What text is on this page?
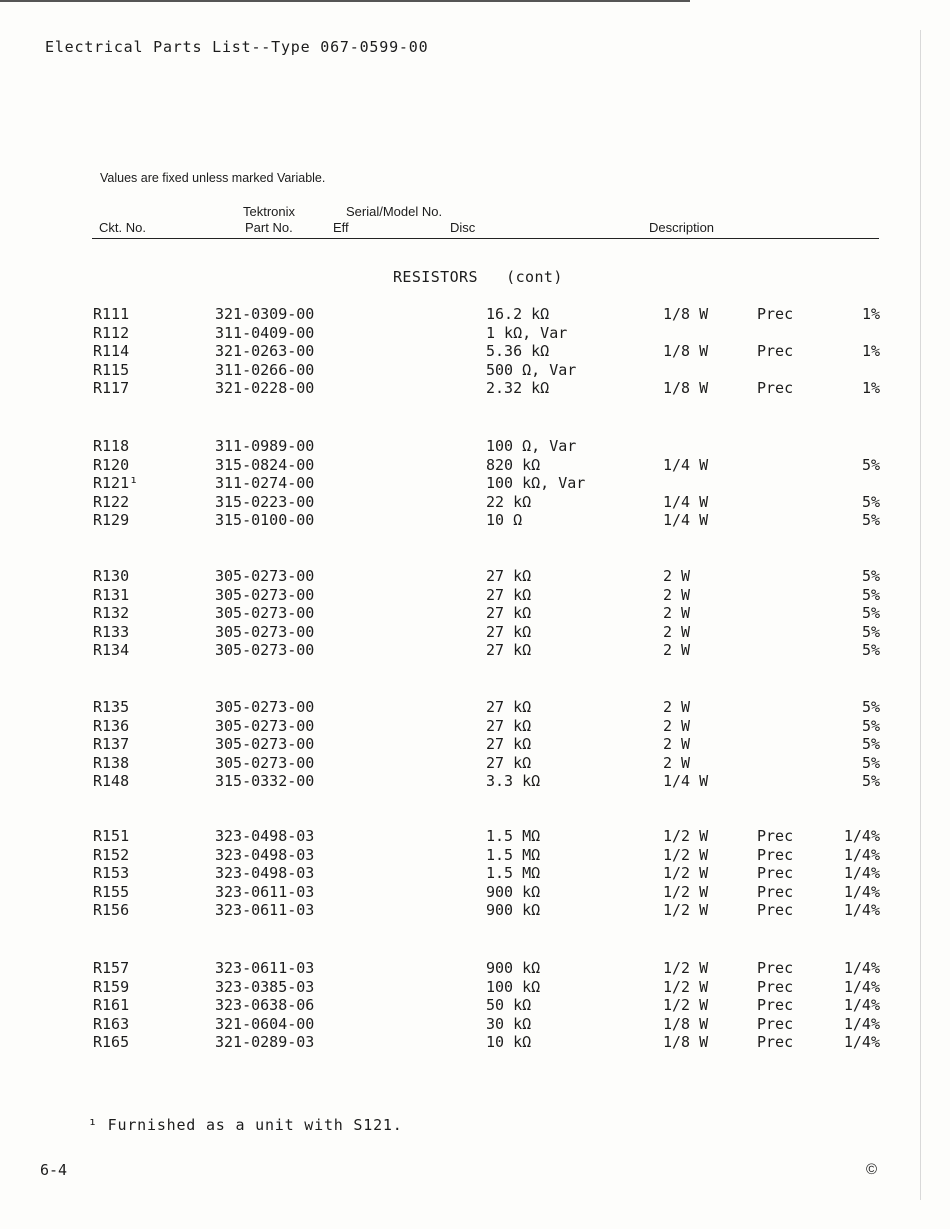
Electrical Parts List--Type 067-0599-00
Values are fixed unless marked Variable.
Tektronix	Serial/Model No.
Ckt. No.	Part No.	Eff	Disc	Description
RESISTORS   (cont)
R111	321-0309-00	16.2 kΩ	1/8 W	Prec	1%
R112	311-0409-00	1 kΩ, Var
R114	321-0263-00	5.36 kΩ	1/8 W	Prec	1%
R115	311-0266-00	500 Ω, Var
R117	321-0228-00	2.32 kΩ	1/8 W	Prec	1%
R118	311-0989-00	100 Ω, Var
R120	315-0824-00	820 kΩ	1/4 W	5%
R121¹	311-0274-00	100 kΩ, Var
R122	315-0223-00	22 kΩ	1/4 W	5%
R129	315-0100-00	10 Ω	1/4 W	5%
R130	305-0273-00	27 kΩ	2 W	5%
R131	305-0273-00	27 kΩ	2 W	5%
R132	305-0273-00	27 kΩ	2 W	5%
R133	305-0273-00	27 kΩ	2 W	5%
R134	305-0273-00	27 kΩ	2 W	5%
R135	305-0273-00	27 kΩ	2 W	5%
R136	305-0273-00	27 kΩ	2 W	5%
R137	305-0273-00	27 kΩ	2 W	5%
R138	305-0273-00	27 kΩ	2 W	5%
R148	315-0332-00	3.3 kΩ	1/4 W	5%
R151	323-0498-03	1.5 MΩ	1/2 W	Prec	1/4%
R152	323-0498-03	1.5 MΩ	1/2 W	Prec	1/4%
R153	323-0498-03	1.5 MΩ	1/2 W	Prec	1/4%
R155	323-0611-03	900 kΩ	1/2 W	Prec	1/4%
R156	323-0611-03	900 kΩ	1/2 W	Prec	1/4%
R157	323-0611-03	900 kΩ	1/2 W	Prec	1/4%
R159	323-0385-03	100 kΩ	1/2 W	Prec	1/4%
R161	323-0638-06	50 kΩ	1/2 W	Prec	1/4%
R163	321-0604-00	30 kΩ	1/8 W	Prec	1/4%
R165	321-0289-03	10 kΩ	1/8 W	Prec	1/4%
¹ Furnished as a unit with S121.
6-4	©
